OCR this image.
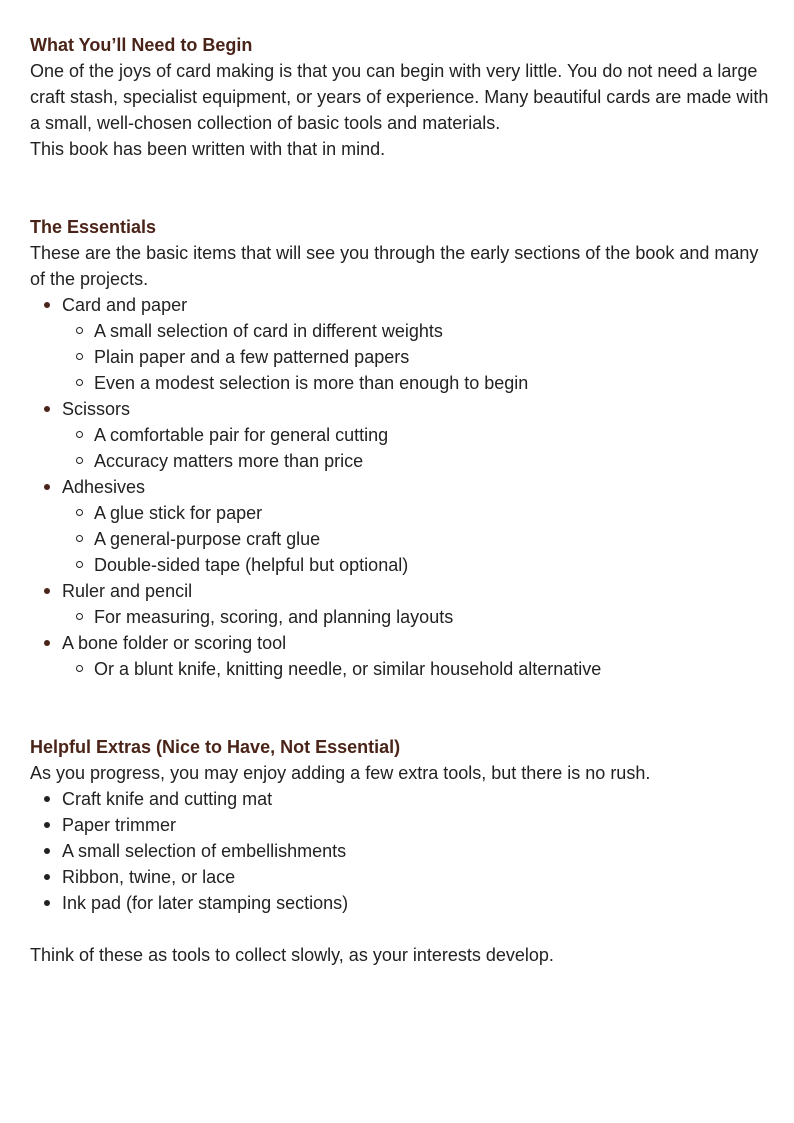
What You’ll Need to Begin

One of the joys of card making is that you can begin with very little. You do not need a large craft stash, specialist equipment, or years of experience. Many beautiful cards are made with a small, well-chosen collection of basic tools and materials.

This book has been written with that in mind.

The Essentials

These are the basic items that will see you through the early sections of the book and many of the projects.

Card and paper
A small selection of card in different weights
Plain paper and a few patterned papers
Even a modest selection is more than enough to begin
Scissors
A comfortable pair for general cutting
Accuracy matters more than price
Adhesives
A glue stick for paper
A general-purpose craft glue
Double-sided tape (helpful but optional)
Ruler and pencil
For measuring, scoring, and planning layouts
A bone folder or scoring tool
Or a blunt knife, knitting needle, or similar household alternative
Helpful Extras (Nice to Have, Not Essential)

As you progress, you may enjoy adding a few extra tools, but there is no rush.

Craft knife and cutting mat
Paper trimmer
A small selection of embellishments
Ribbon, twine, or lace
Ink pad (for later stamping sections)

Think of these as tools to collect slowly, as your interests develop.
